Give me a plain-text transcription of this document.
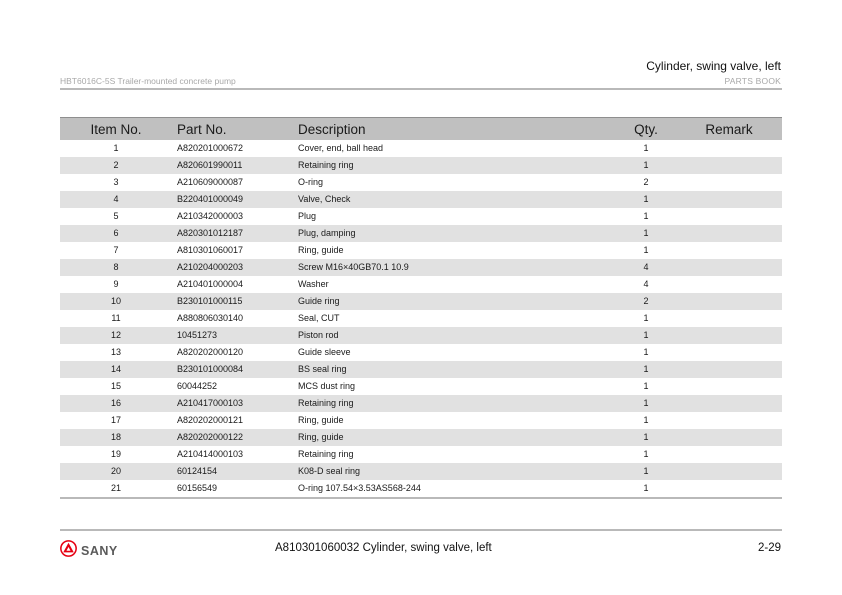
Cylinder, swing valve, left
HBT6016C-5S Trailer-mounted concrete pump	PARTS BOOK
Item No.	Part No.	Description	Qty.	Remark
1	A820201000672	Cover, end, ball head	1	
2	A820601990011	Retaining ring	1	
3	A210609000087	O-ring	2	
4	B220401000049	Valve, Check	1	
5	A210342000003	Plug	1	
6	A820301012187	Plug, damping	1	
7	A810301060017	Ring, guide	1	
8	A210204000203	Screw M16×40GB70.1 10.9	4	
9	A210401000004	Washer	4	
10	B230101000115	Guide ring	2	
11	A880806030140	Seal, CUT	1	
12	10451273	Piston rod	1	
13	A820202000120	Guide sleeve	1	
14	B230101000084	BS seal ring	1	
15	60044252	MCS dust ring	1	
16	A210417000103	Retaining ring	1	
17	A820202000121	Ring, guide	1	
18	A820202000122	Ring, guide	1	
19	A210414000103	Retaining ring	1	
20	60124154	K08-D seal ring	1	
21	60156549	O-ring 107.54×3.53AS568-244	1	
SANY	A810301060032 Cylinder, swing valve, left	2-29
